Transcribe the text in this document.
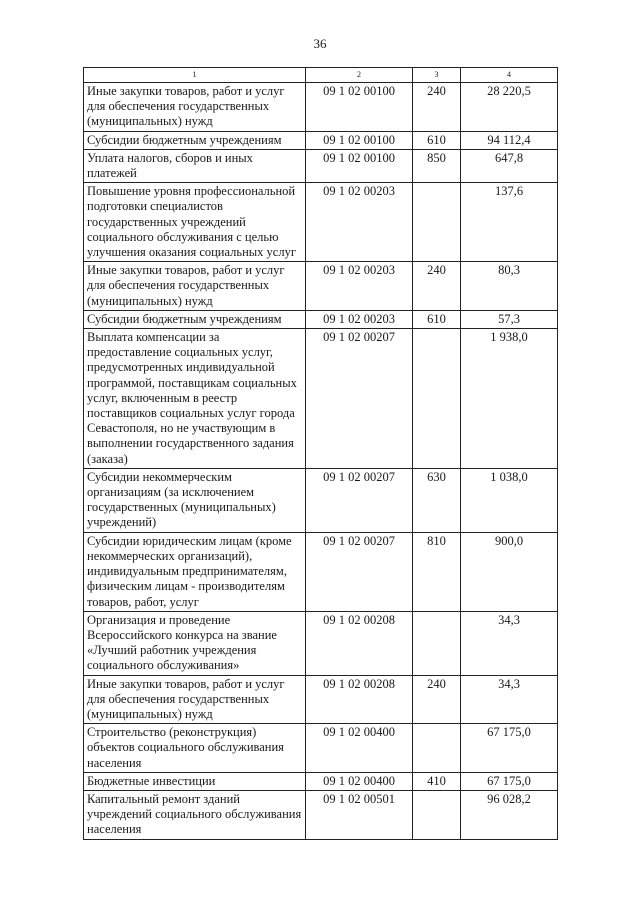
36
1	2	3	4
Иные закупки товаров, работ и услуг для обеспечения государственных (муниципальных) нужд	09 1 02 00100	240	28 220,5
Субсидии бюджетным учреждениям	09 1 02 00100	610	94 112,4
Уплата налогов, сборов и иных платежей	09 1 02 00100	850	647,8
Повышение уровня профессиональной подготовки специалистов государственных учреждений социального обслуживания с целью улучшения оказания социальных услуг	09 1 02 00203		137,6
Иные закупки товаров, работ и услуг для обеспечения государственных (муниципальных) нужд	09 1 02 00203	240	80,3
Субсидии бюджетным учреждениям	09 1 02 00203	610	57,3
Выплата компенсации за предоставление социальных услуг, предусмотренных индивидуальной программой, поставщикам социальных услуг, включенным в реестр поставщиков социальных услуг города Севастополя, но не участвующим в выполнении государственного задания (заказа)	09 1 02 00207		1 938,0
Субсидии некоммерческим организациям (за исключением государственных (муниципальных) учреждений)	09 1 02 00207	630	1 038,0
Субсидии юридическим лицам (кроме некоммерческих организаций), индивидуальным предпринимателям, физическим лицам - производителям товаров, работ, услуг	09 1 02 00207	810	900,0
Организация и проведение Всероссийского конкурса на звание «Лучший работник учреждения социального обслуживания»	09 1 02 00208		34,3
Иные закупки товаров, работ и услуг для обеспечения государственных (муниципальных) нужд	09 1 02 00208	240	34,3
Строительство (реконструкция) объектов социального обслуживания населения	09 1 02 00400		67 175,0
Бюджетные инвестиции	09 1 02 00400	410	67 175,0
Капитальный ремонт зданий учреждений социального обслуживания населения	09 1 02 00501		96 028,2
